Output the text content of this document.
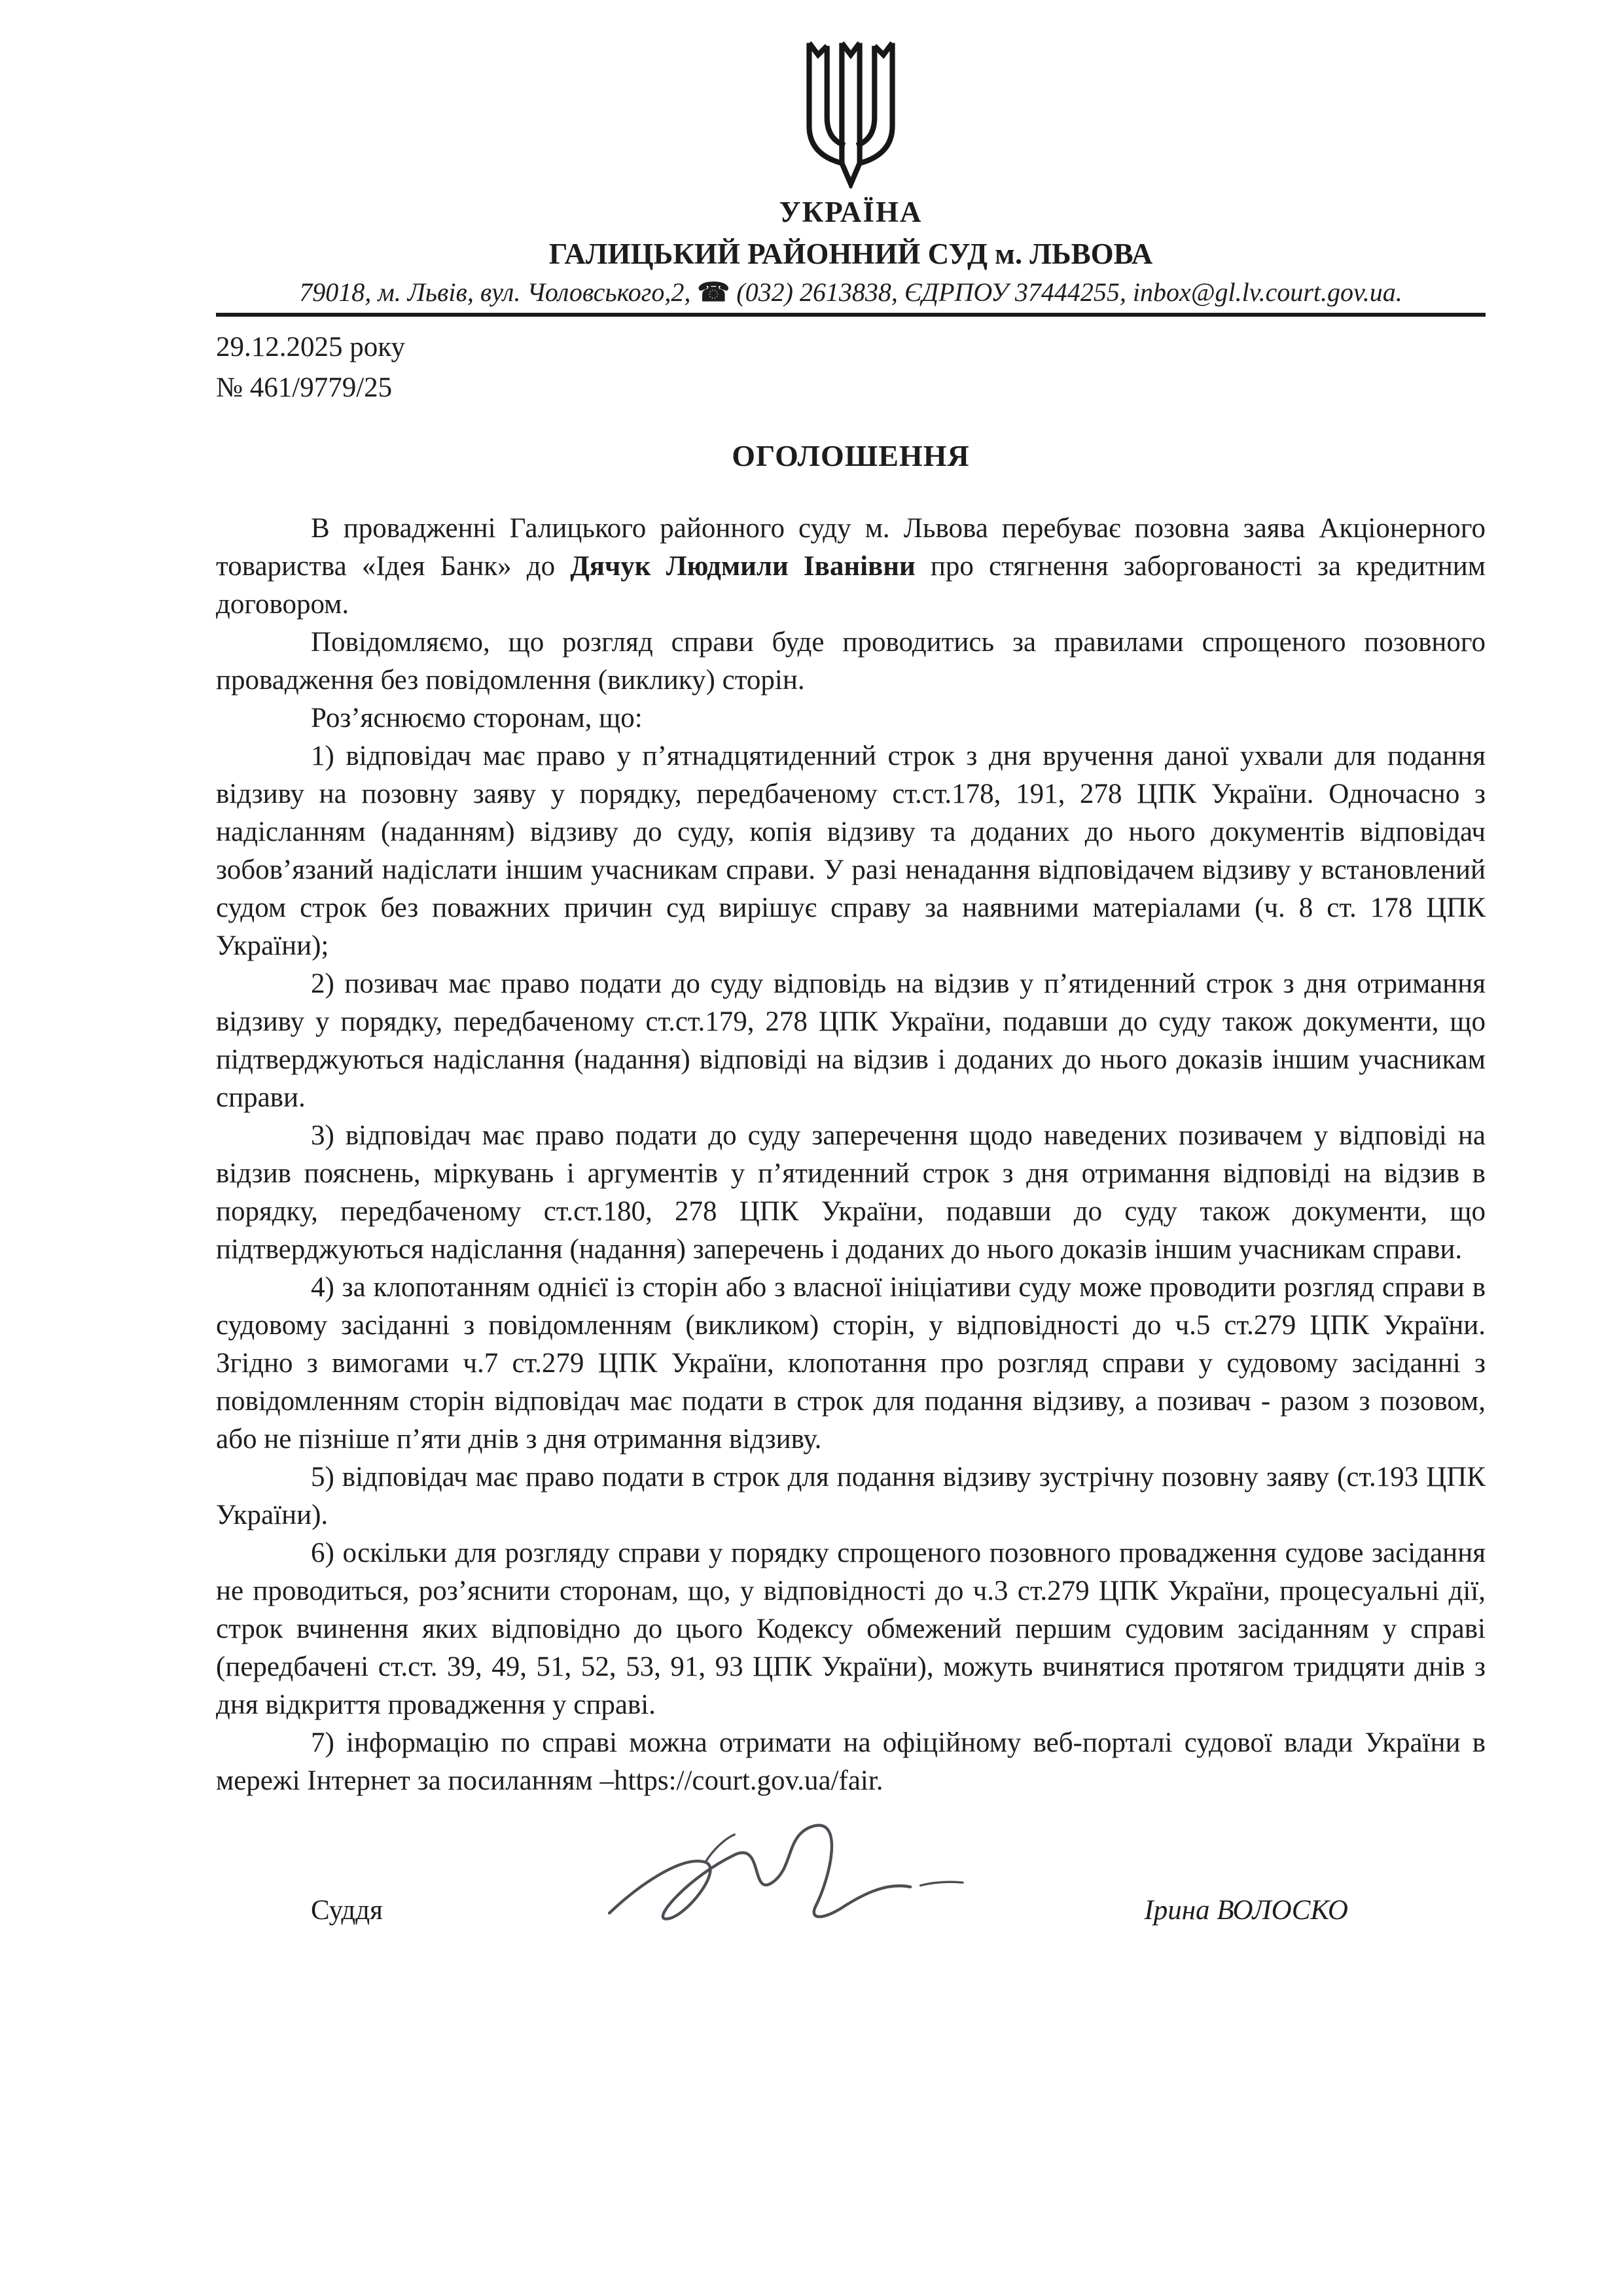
УКРАЇНА
ГАЛИЦЬКИЙ РАЙОННИЙ СУД м. ЛЬВОВА
79018, м. Львів, вул. Чоловського,2, ☎ (032) 2613838, ЄДРПОУ 37444255, inbox@gl.lv.court.gov.ua.
29.12.2025 року
№ 461/9779/25
ОГОЛОШЕННЯ

В провадженні Галицького районного суду м. Львова перебуває позовна заява Акціонерного товариства «Ідея Банк» до Дячук Людмили Іванівни про стягнення заборгованості за кредитним договором.

Повідомляємо, що розгляд справи буде проводитись за правилами спрощеного позовного провадження без повідомлення (виклику) сторін.

Роз’яснюємо сторонам, що:

1) відповідач має право у п’ятнадцятиденний строк з дня вручення даної ухвали для подання відзиву на позовну заяву у порядку, передбаченому ст.ст.178, 191, 278 ЦПК України. Одночасно з надісланням (наданням) відзиву до суду, копія відзиву та доданих до нього документів відповідач зобов’язаний надіслати іншим учасникам справи. У разі ненадання відповідачем відзиву у встановлений судом строк без поважних причин суд вирішує справу за наявними матеріалами (ч. 8 ст. 178 ЦПК України);

2) позивач має право подати до суду відповідь на відзив у п’ятиденний строк з дня отримання відзиву у порядку, передбаченому ст.ст.179, 278 ЦПК України, подавши до суду також документи, що підтверджуються надіслання (надання) відповіді на відзив і доданих до нього доказів іншим учасникам справи.

3) відповідач має право подати до суду заперечення щодо наведених позивачем у відповіді на відзив пояснень, міркувань і аргументів у п’ятиденний строк з дня отримання відповіді на відзив в порядку, передбаченому ст.ст.180, 278 ЦПК України, подавши до суду також документи, що підтверджуються надіслання (надання) заперечень і доданих до нього доказів іншим учасникам справи.

4) за клопотанням однієї із сторін або з власної ініціативи суду може проводити розгляд справи в судовому засіданні з повідомленням (викликом) сторін, у відповідності до ч.5 ст.279 ЦПК України. Згідно з вимогами ч.7 ст.279 ЦПК України, клопотання про розгляд справи у судовому засіданні з повідомленням сторін відповідач має подати в строк для подання відзиву, а позивач - разом з позовом, або не пізніше п’яти днів з дня отримання відзиву.

5) відповідач має право подати в строк для подання відзиву зустрічну позовну заяву (ст.193 ЦПК України).

6) оскільки для розгляду справи у порядку спрощеного позовного провадження судове засідання не проводиться, роз’яснити сторонам, що, у відповідності до ч.3 ст.279 ЦПК України, процесуальні дії, строк вчинення яких відповідно до цього Кодексу обмежений першим судовим засіданням у справі (передбачені ст.ст. 39, 49, 51, 52, 53, 91, 93 ЦПК України), можуть вчинятися протягом тридцяти днів з дня відкриття провадження у справі.

7) інформацію по справі можна отримати на офіційному веб-порталі судової влади України в мережі Інтернет за посиланням –https://court.gov.ua/fair.

Суддя	Ірина ВОЛОСКО
